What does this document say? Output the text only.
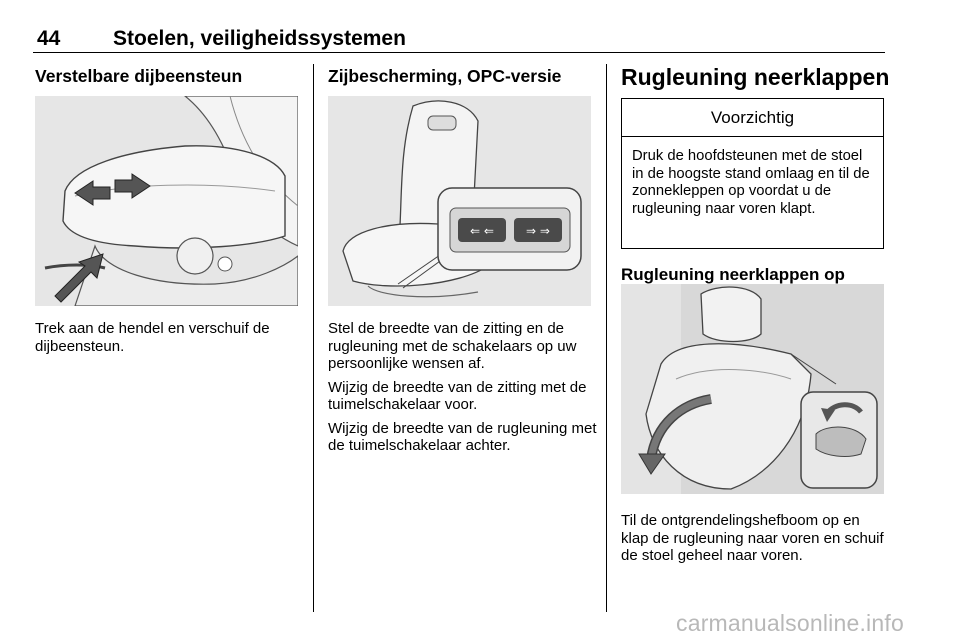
44	Stoelen, veiligheidssystemen
Verstelbare dijbeensteun
Trek aan de hendel en verschuif de dijbeensteun.
Zijbescherming, OPC-versie
⇐ ⇐	⇒ ⇒

Stel de breedte van de zitting en de rugleuning met de schakelaars op uw persoonlijke wensen af.

Wijzig de breedte van de zitting met de tuimelschakelaar voor.

Wijzig de breedte van de rugleuning met de tuimelschakelaar achter.

Rugleuning neerklappen
Voorzichtig
Druk de hoofdsteunen met de stoel in de hoogste stand omlaag en til de zonnekleppen op voordat u de rugleuning naar voren klapt.
Rugleuning neerklappen op
Til de ontgrendelingshefboom op en klap de rugleuning naar voren en schuif de stoel geheel naar voren.
carmanualsonline.info
